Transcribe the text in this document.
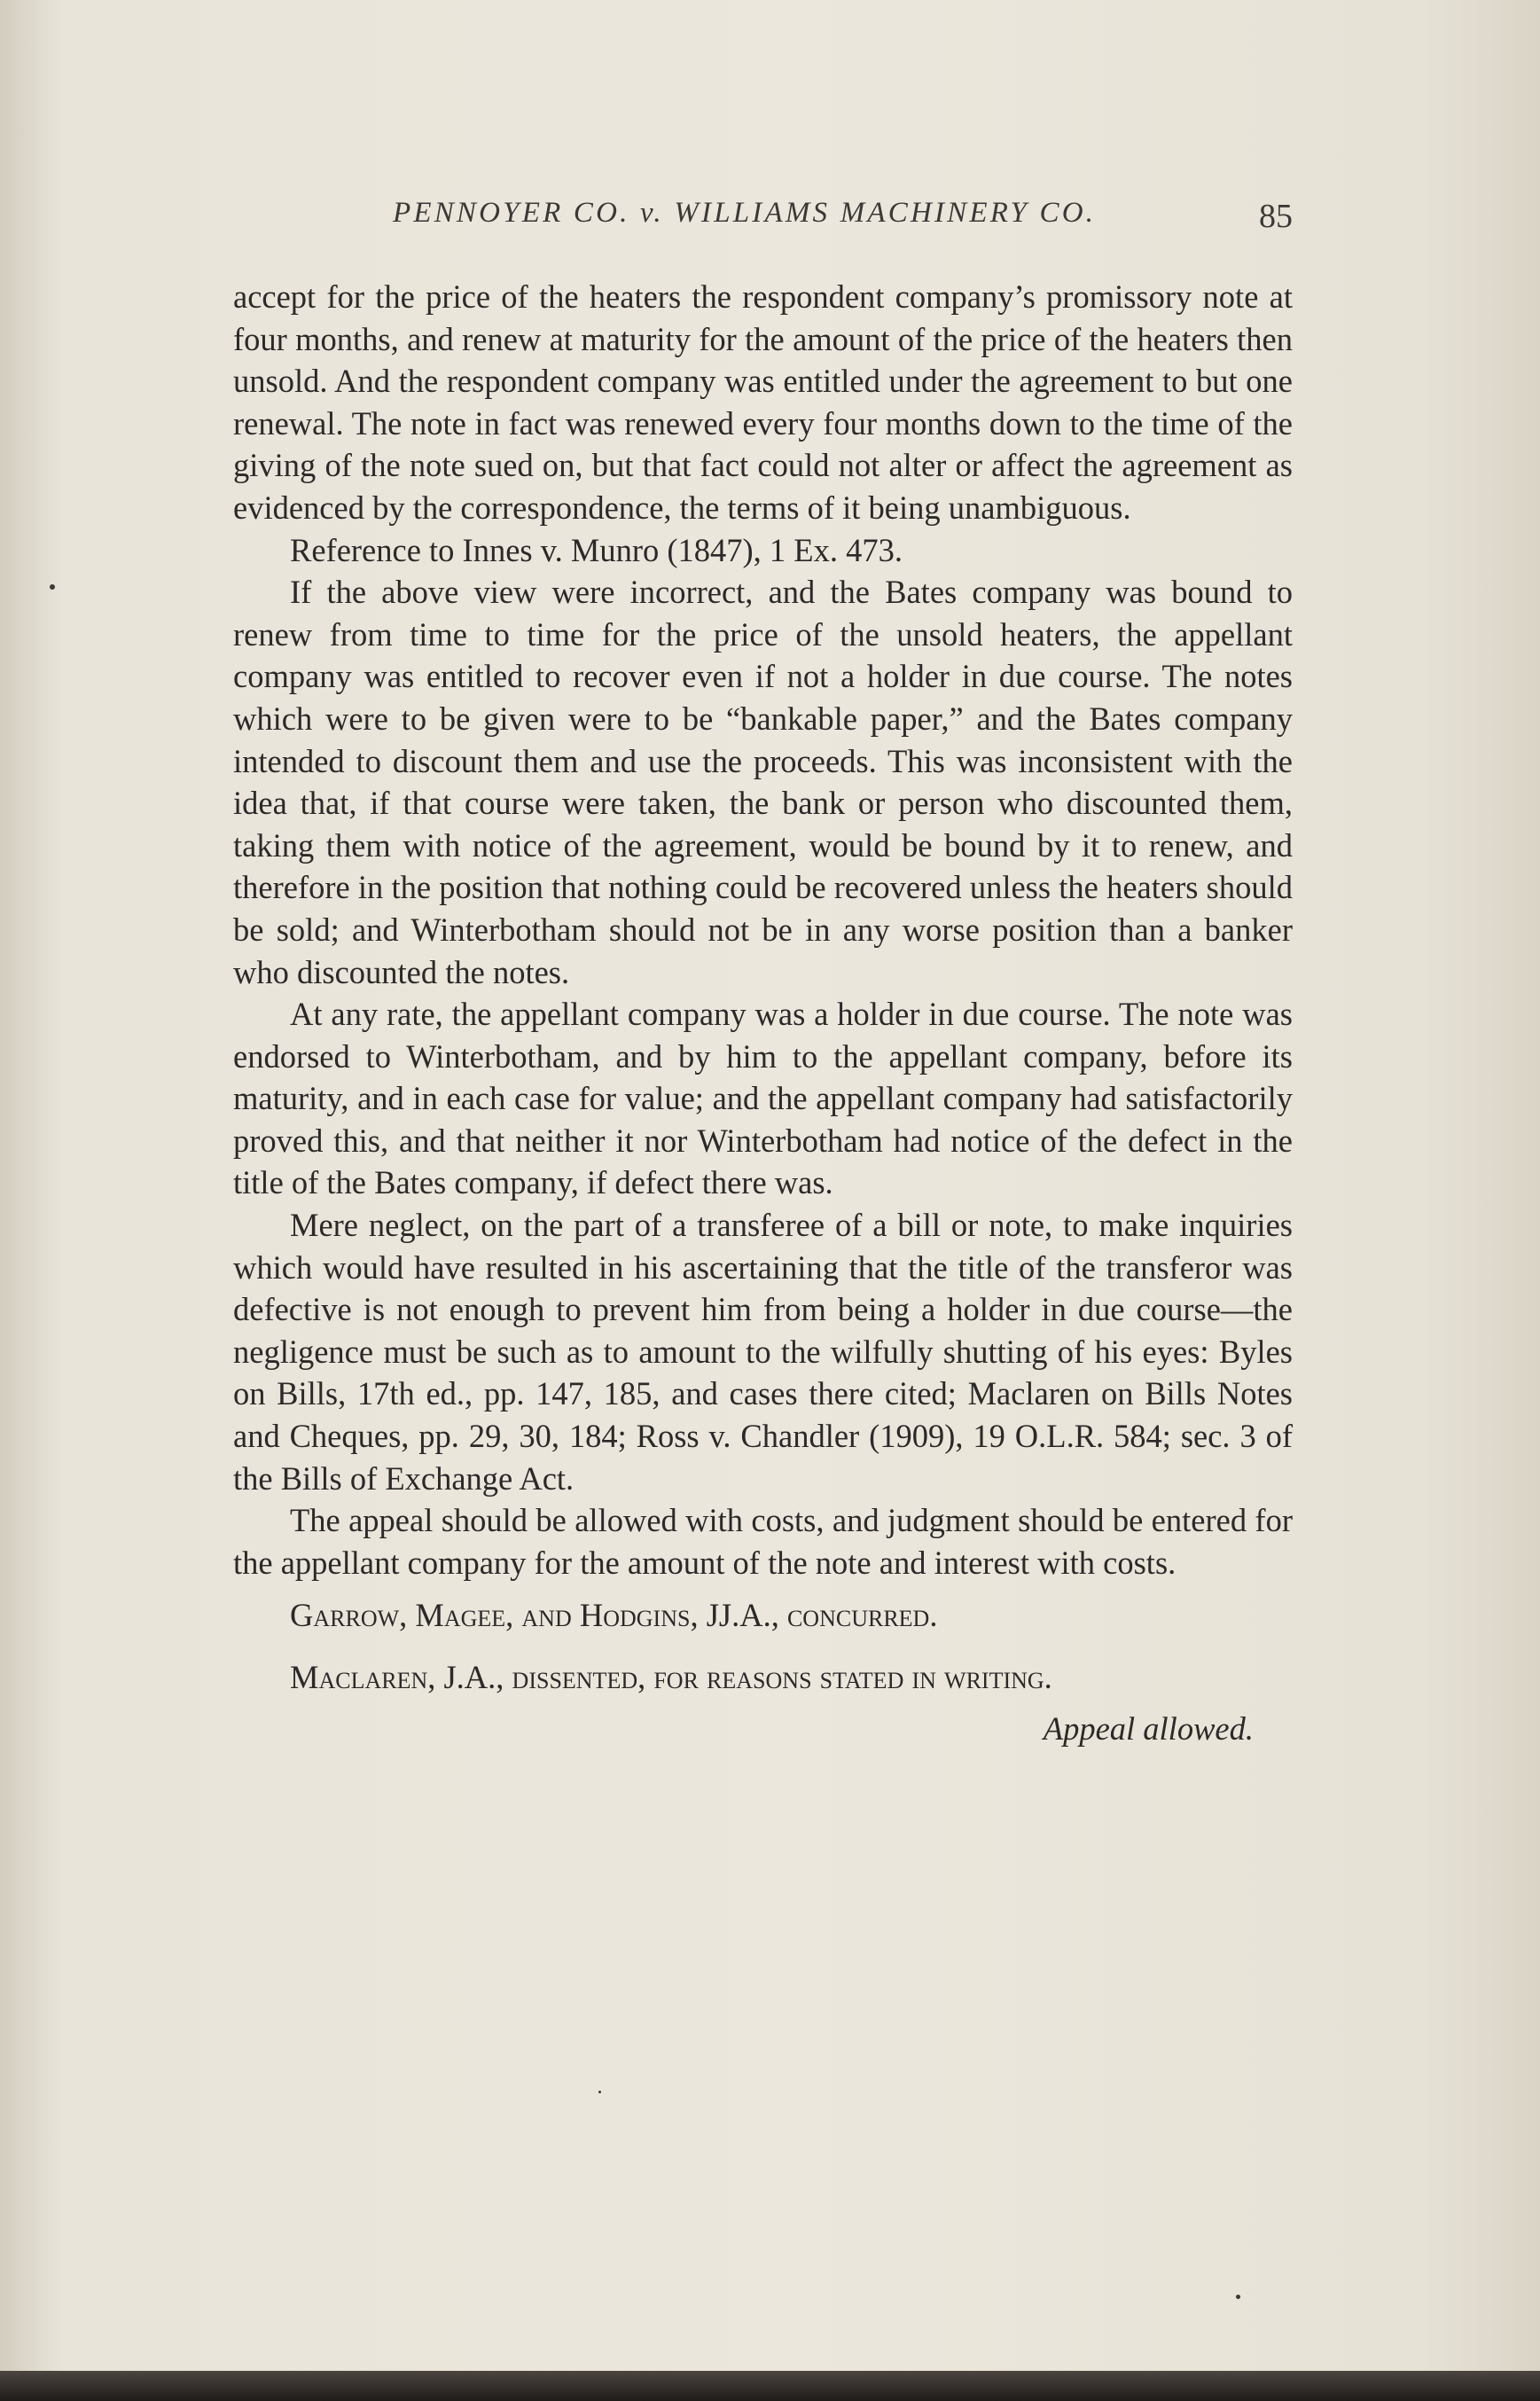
PENNOYER CO. v. WILLIAMS MACHINERY CO.	85

accept for the price of the heaters the respondent company’s promissory note at four months, and renew at maturity for the amount of the price of the heaters then unsold. And the respondent company was entitled under the agreement to but one renewal. The note in fact was renewed every four months down to the time of the giving of the note sued on, but that fact could not alter or affect the agreement as evidenced by the correspondence, the terms of it being unambiguous.

Reference to Innes v. Munro (1847), 1 Ex. 473.

If the above view were incorrect, and the Bates company was bound to renew from time to time for the price of the unsold heaters, the appellant company was entitled to recover even if not a holder in due course. The notes which were to be given were to be “bankable paper,” and the Bates company intended to discount them and use the proceeds. This was inconsistent with the idea that, if that course were taken, the bank or person who discounted them, taking them with notice of the agreement, would be bound by it to renew, and therefore in the position that nothing could be recovered unless the heaters should be sold; and Winterbotham should not be in any worse position than a banker who discounted the notes.

At any rate, the appellant company was a holder in due course. The note was endorsed to Winterbotham, and by him to the appellant company, before its maturity, and in each case for value; and the appellant company had satisfactorily proved this, and that neither it nor Winterbotham had notice of the defect in the title of the Bates company, if defect there was.

Mere neglect, on the part of a transferee of a bill or note, to make inquiries which would have resulted in his ascertaining that the title of the transferor was defective is not enough to prevent him from being a holder in due course—the negligence must be such as to amount to the wilfully shutting of his eyes: Byles on Bills, 17th ed., pp. 147, 185, and cases there cited; Maclaren on Bills Notes and Cheques, pp. 29, 30, 184; Ross v. Chandler (1909), 19 O.L.R. 584; sec. 3 of the Bills of Exchange Act.

The appeal should be allowed with costs, and judgment should be entered for the appellant company for the amount of the note and interest with costs.

Garrow, Magee, and Hodgins, JJ.A., concurred.

Maclaren, J.A., dissented, for reasons stated in writing.

Appeal allowed.
